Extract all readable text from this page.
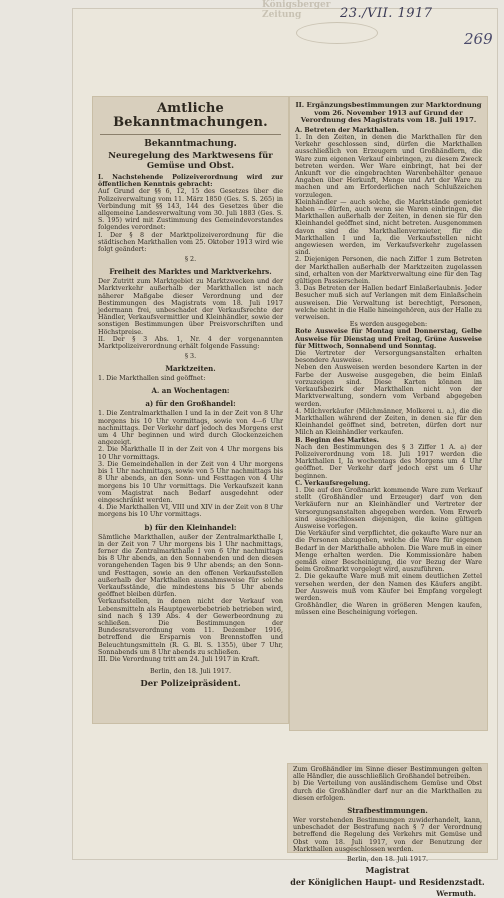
Königsberger Zeitung	23./VII. 1917
269
Amtliche Bekanntmachungen.
Bekanntmachung.
Neuregelung des Marktwesens für Gemüse und Obst.
I. Nachstehende Polizeiverordnung wird zur öffentlichen Kenntnis gebracht:
Auf Grund der §§ 6, 12, 15 des Gesetzes über die Polizeiverwaltung vom 11. März 1850 (Ges. S. S. 265) in Verbindung mit §§ 143, 144 des Gesetzes über die allgemeine Landesverwaltung vom 30. Juli 1883 (Ges. S. S. 195) wird mit Zustimmung des Gemeindevorstandes folgendes verordnet:
I. Der § 8 der Marktpolizeiverordnung für die städtischen Markthallen vom 25. Oktober 1913 wird wie folgt geändert:
§ 2.
Freiheit des Marktes und Marktverkehrs.
Der Zutritt zum Marktgebiet zu Marktzwecken und der Marktverkehr außerhalb der Markthallen ist nach näherer Maßgabe dieser Verordnung und der Bestimmungen des Magistrats vom 18. Juli 1917 jedermann frei, unbeschadet der Verkaufsrechte der Händler, Verkaufsvermittler und Kleinhändler, sowie der sonstigen Bestimmungen über Preisvorschriften und Höchstpreise.
II. Der § 3 Abs. 1, Nr. 4 der vorgenannten Marktpolizeiverordnung erhält folgende Fassung:
§ 3.
Marktzeiten.
1. Die Markthallen sind geöffnet:
A. an Wochentagen:
a) für den Großhandel:
1. Die Zentralmarkthallen I und Ia in der Zeit von 8 Uhr morgens bis 10 Uhr vormittags, sowie von 4—6 Uhr nachmittags. Der Verkehr darf jedoch des Morgens erst um 4 Uhr beginnen und wird durch Glockenzeichen angezeigt.
2. Die Markthalle II in der Zeit von 4 Uhr morgens bis 10 Uhr vormittags.
3. Die Gemeindehallen in der Zeit von 4 Uhr morgens bis 1 Uhr nachmittags, sowie von 5 Uhr nachmittags bis 8 Uhr abends, an den Sonn- und Festtagen von 4 Uhr morgens bis 10 Uhr vormittags. Die Verkaufszeit kann vom Magistrat nach Bedarf ausgedehnt oder eingeschränkt werden.
4. Die Markthallen VI, VIII und XIV in der Zeit von 8 Uhr morgens bis 10 Uhr vormittags.
b) für den Kleinhandel:
Sämtliche Markthallen, außer der Zentralmarkthalle I, in der Zeit von 7 Uhr morgens bis 1 Uhr nachmittags, ferner die Zentralmarkthalle I von 6 Uhr nachmittags bis 8 Uhr abends, an den Sonnabenden und den diesen vorangehenden Tagen bis 9 Uhr abends; an den Sonn- und Festtagen, sowie an den offenen Verkaufsstellen außerhalb der Markthallen ausnahmsweise für solche Verkaufsstände, die mindestens bis 5 Uhr abends geöffnet bleiben dürfen.
Verkaufsstellen, in denen nicht der Verkauf von Lebensmitteln als Hauptgewerbebetrieb betrieben wird, sind nach § 139 Abs. 4 der Gewerbeordnung zu schließen. Die Bestimmungen der Bundesratsverordnung vom 11. Dezember 1916, betreffend die Ersparnis von Brennstoffen und Beleuchtungsmitteln (R. G. Bl. S. 1355), über 7 Uhr, Sonnabends um 8 Uhr abends zu schließen.
III. Die Verordnung tritt am 24. Juli 1917 in Kraft.
Berlin, den 18. Juli 1917.
Der Polizeipräsident.
II. Ergänzungsbestimmungen zur Marktordnung vom 26. November 1913 auf Grund der Verordnung des Magistrats vom 18. Juli 1917.
A. Betreten der Markthallen.
1. In den Zeiten, in denen die Markthallen für den Verkehr geschlossen sind, dürfen die Markthallen ausschließlich von Erzeugern und Großhändlern, die Ware zum eigenen Verkauf einbringen, zu diesem Zweck betreten werden. Wer Ware einbringt, hat bei der Ankunft vor die eingebrachten Warenbehälter genaue Angaben über Herkunft, Menge und Art der Ware zu machen und am Erforderlichen nach Schlußzeichen vorzulegen.
Kleinhändler — auch solche, die Marktstände gemietet haben — dürfen, auch wenn sie Waren einbringen, die Markthallen außerhalb der Zeiten, in denen sie für den Kleinhandel geöffnet sind, nicht betreten. Ausgenommen davon sind die Markthallenvermieter, für die Markthallen I und Ia, die Verkaufsstellen nicht angewiesen werden, im Verkaufsverkehr zugelassen sind.
2. Diejenigen Personen, die nach Ziffer 1 zum Betreten der Markthallen außerhalb der Marktzeiten zugelassen sind, erhalten von der Marktverwaltung eine für den Tag gültigen Passierschein.
3. Das Betreten der Hallen bedarf Einlaßerlaubnis. Jeder Besucher muß sich auf Verlangen mit dem Einlaßschein ausweisen. Die Verwaltung ist berechtigt, Personen, welche nicht in die Halle hineingehören, aus der Halle zu verweisen.
Es werden ausgegeben:
Rote Ausweise für Montag und Donnerstag, Gelbe Ausweise für Dienstag und Freitag, Grüne Ausweise für Mittwoch, Sonnabend und Sonntag.
Die Vertreter der Versorgungsanstalten erhalten besondere Ausweise.
Neben den Ausweisen werden besondere Karten in der Farbe der Ausweise ausgegeben, die beim Einlaß vorzuzeigen sind. Diese Karten können im Verkaufsbezirk der Markthallen nicht von der Marktverwaltung, sondern vom Verband abgegeben werden.
4. Milchverkäufer (Milchmänner, Molkerei u. a.), die die Markthallen während der Zeiten, in denen sie für den Kleinhandel geöffnet sind, betreten, dürfen dort nur Milch an Kleinhändler verkaufen.
B. Beginn des Marktes.
Nach den Bestimmungen des § 3 Ziffer 1 A. a) der Polizeiverordnung vom 18. Juli 1917 werden die Markthallen I, Ia wochentags des Morgens um 4 Uhr geöffnet. Der Verkehr darf jedoch erst um 6 Uhr beginnen.
C. Verkaufsregelung.
1. Die auf den Großmarkt kommende Ware zum Verkauf stellt (Großhändler und Erzeuger) darf von den Verkäufern nur an Kleinhändler und Vertreter der Versorgungsanstalten abgegeben werden. Vom Erwerb sind ausgeschlossen diejenigen, die keine gültigen Ausweise vorlegen.
Die Verkäufer sind verpflichtet, die gekaufte Ware nur an die Personen abzugeben, welche die Ware für eigenen Bedarf in der Markthalle abholen. Die Ware muß in einer Menge erhalten werden. Die Kommissionäre haben gemäß einer Bescheinigung, die vor Bezug der Ware beim Großmarkt vorgelegt wird, auszuführen.
2. Die gekaufte Ware muß mit einem deutlichen Zettel versehen werden, der den Namen des Käufers angibt. Der Ausweis muß vom Käufer bei Empfang vorgelegt werden.
Großhändler, die Waren in größeren Mengen kaufen, müssen eine Bescheinigung vorlegen.
Zum Großhändler im Sinne dieser Bestimmungen gelten alle Händler, die ausschließlich Großhandel betreiben.
b) Die Verteilung von ausländischem Gemüse und Obst durch die Großhändler darf nur an die Markthallen zu diesen erfolgen.
Strafbestimmungen.
Wer vorstehenden Bestimmungen zuwiderhandelt, kann, unbeschadet der Bestrafung nach § 7 der Verordnung betreffend die Regelung des Verkehrs mit Gemüse und Obst vom 18. Juli 1917, von der Benutzung der Markthallen ausgeschlossen werden.
Berlin, den 18. Juli 1917.
Magistrat
der Königlichen Haupt- und Residenzstadt.
Wermuth.
